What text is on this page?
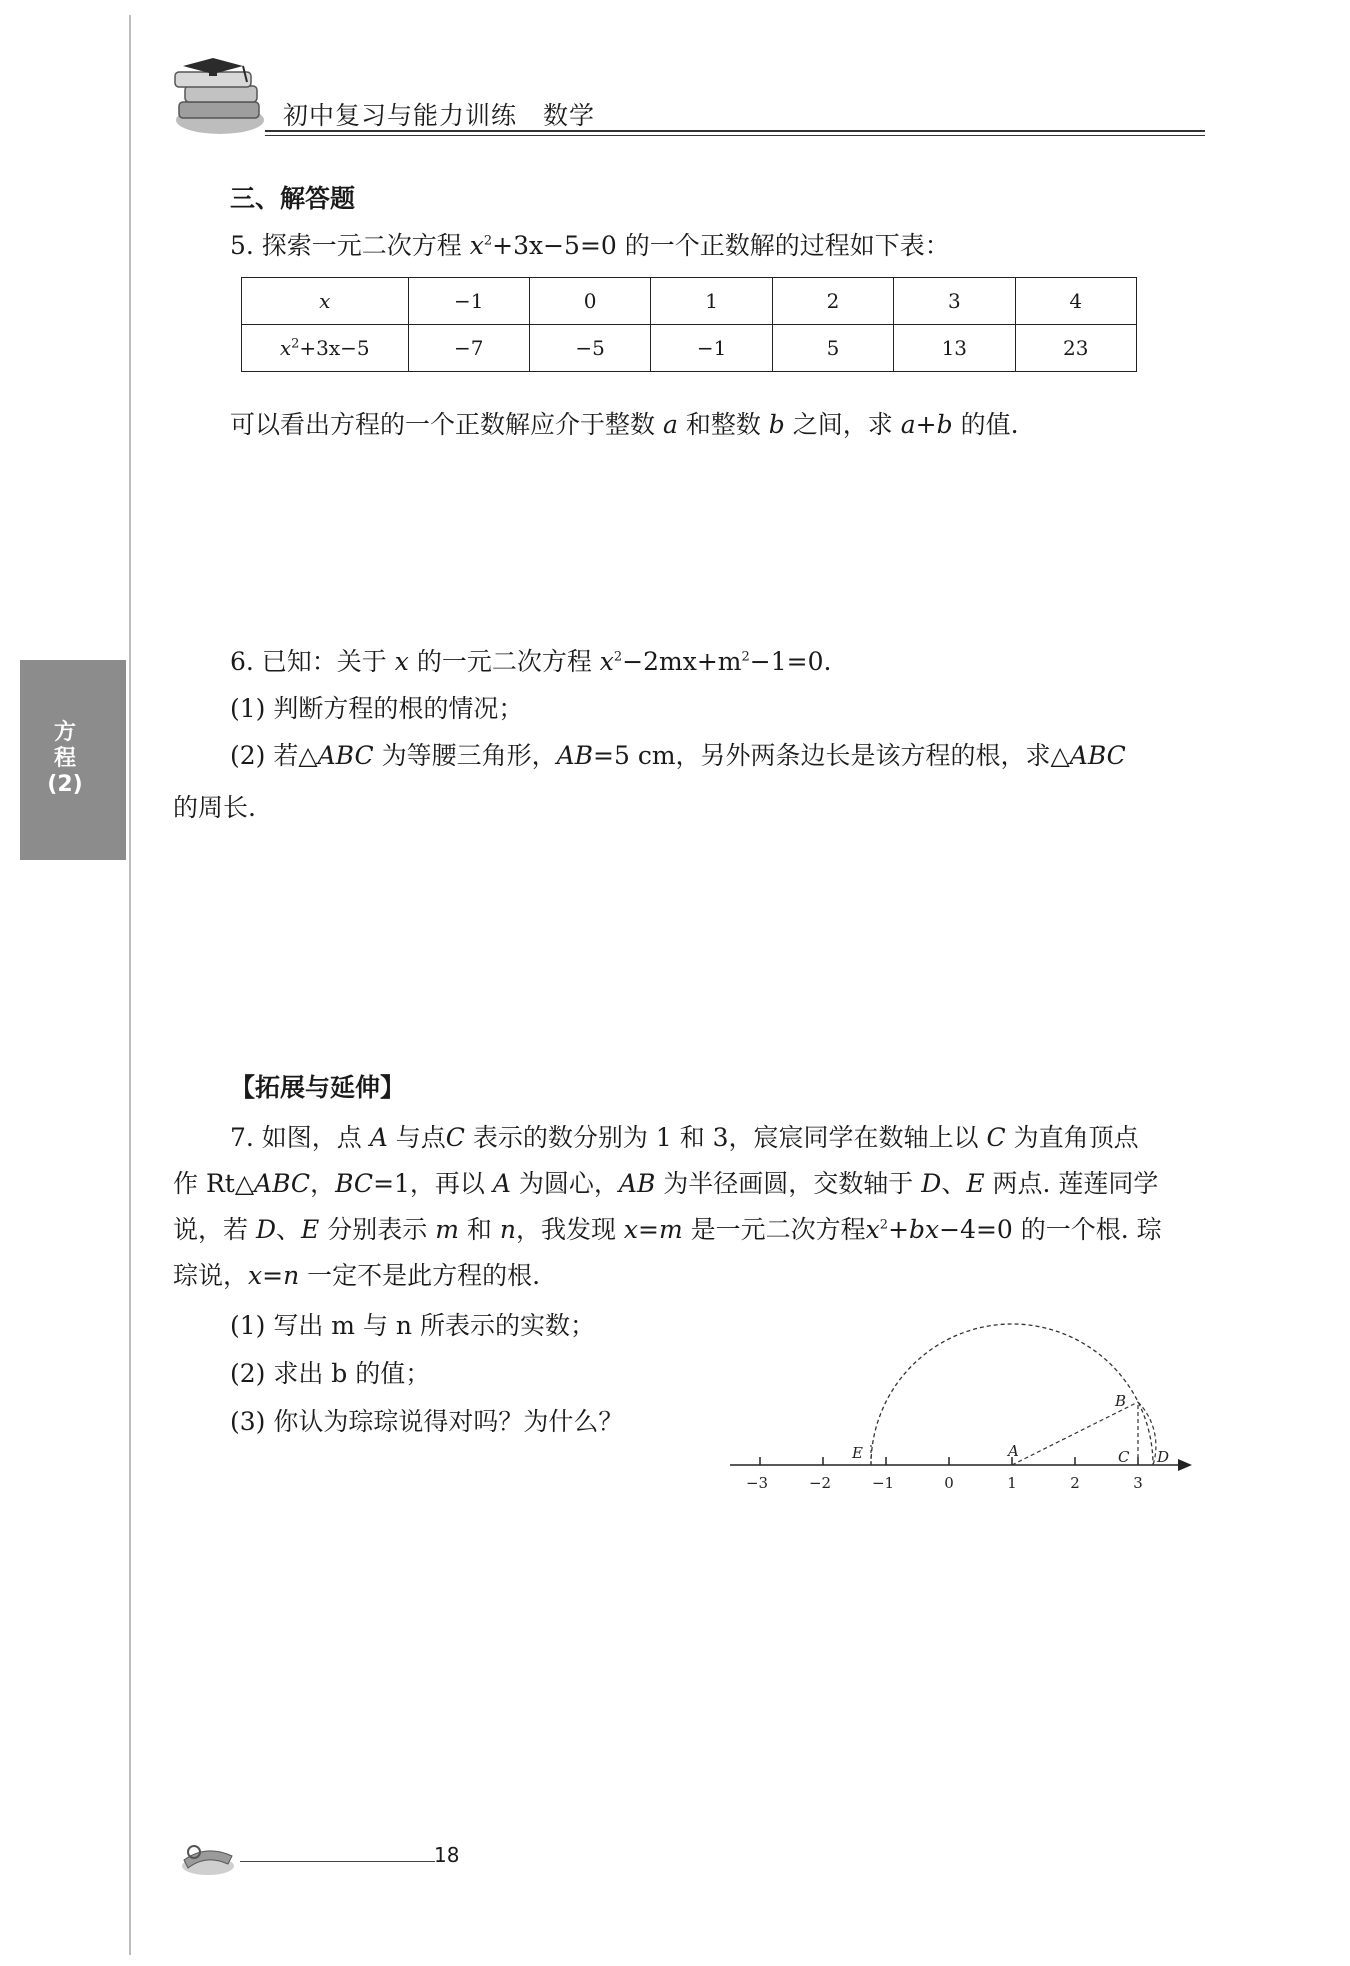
初中复习与能力训练 数学
方
程
(2)
三、解答题
5. 探索一元二次方程 $x^2+3x-5=0$ 的一个正数解的过程如下表：
x	−1	0	1	2	3	4
$x^2+3x-5$	−7	−5	−1	5	13	23
可以看出方程的一个正数解应介于整数 a 和整数 b 之间，求 a+b 的值.
6. 已知：关于 x 的一元二次方程 $x^2-2mx+m^2-1=0$.
(1) 判断方程的根的情况；
(2) 若△ABC 为等腰三角形，AB=5 cm，另外两条边长是该方程的根，求△ABC
的周长.
【拓展与延伸】
7. 如图，点 A 与点C 表示的数分别为 1 和 3，宸宸同学在数轴上以 C 为直角顶点
作 Rt△ABC，BC=1，再以 A 为圆心，AB 为半径画圆，交数轴于 D、E 两点. 莲莲同学
说，若 D、E 分别表示 m 和 n，我发现 x=m 是一元二次方程$x^2+bx-4=0$ 的一个根. 琮
琮说，x=n 一定不是此方程的根.
(1) 写出 m 与 n 所表示的实数；
(2) 求出 b 的值；
(3) 你认为琮琮说得对吗？为什么？
−3	−2	−1	0	1	2	3
A
B
C D
E
18
